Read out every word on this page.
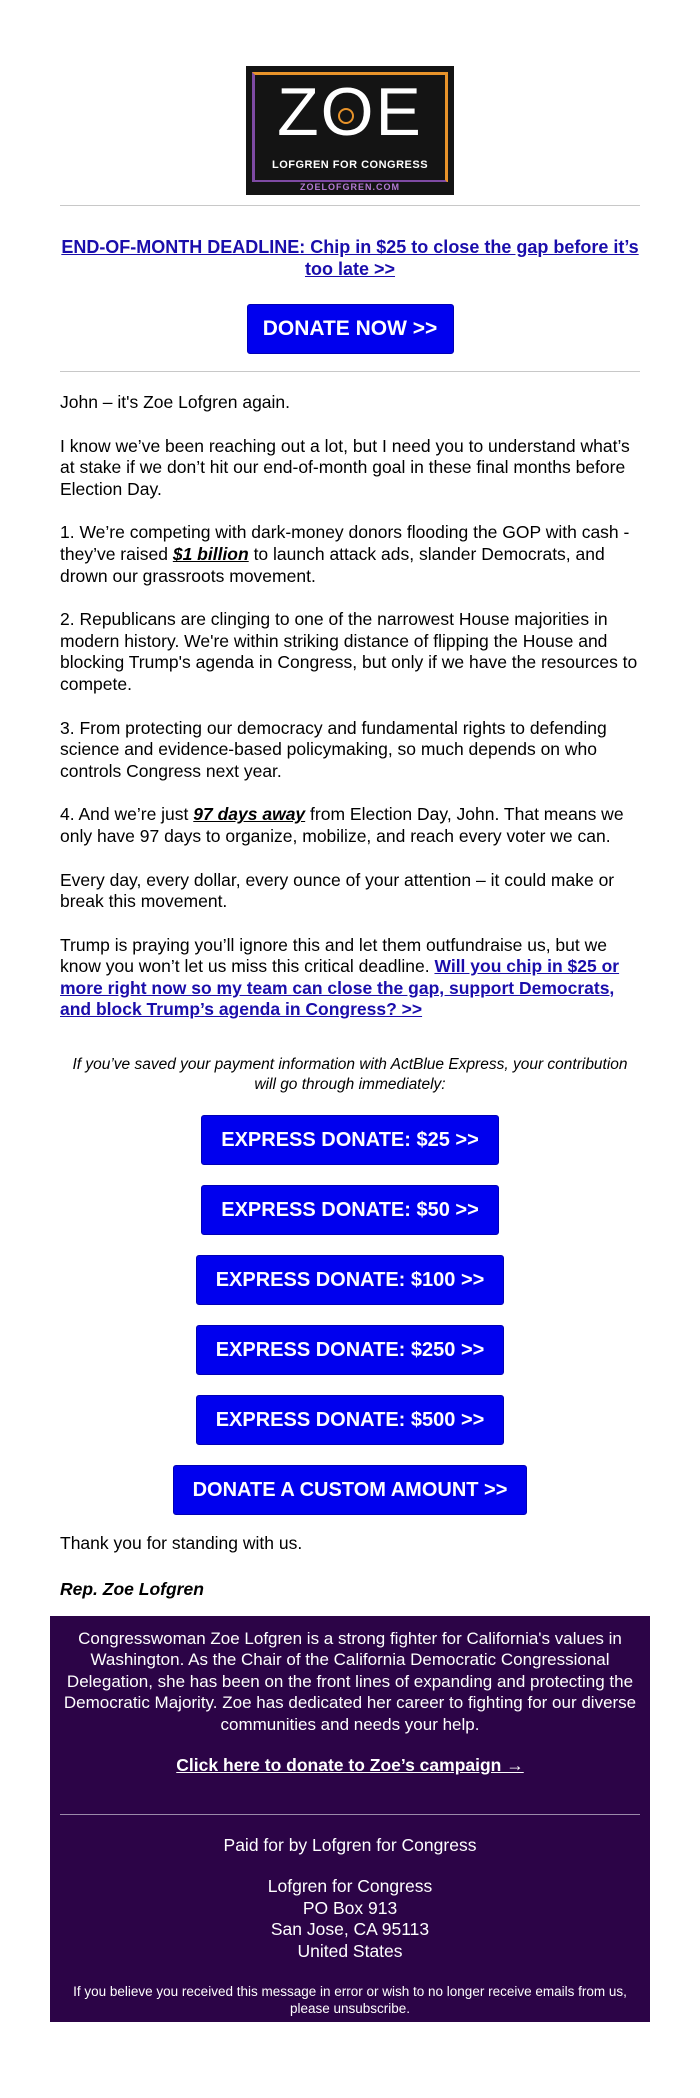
ZOE
LOFGREN FOR CONGRESS
ZOELOFGREN.COM

END-OF-MONTH DEADLINE: Chip in $25 to close the gap before it’s too late >>

DONATE NOW >>

John – it's Zoe Lofgren again.

I know we’ve been reaching out a lot, but I need you to understand what’s at stake if we don’t hit our end-of-month goal in these final months before Election Day.

1. We’re competing with dark-money donors flooding the GOP with cash - they’ve raised $1 billion to launch attack ads, slander Democrats, and drown our grassroots movement.

2. Republicans are clinging to one of the narrowest House majorities in modern history. We're within striking distance of flipping the House and blocking Trump's agenda in Congress, but only if we have the resources to compete.

3. From protecting our democracy and fundamental rights to defending science and evidence-based policymaking, so much depends on who controls Congress next year.

4. And we’re just 97 days away from Election Day, John. That means we only have 97 days to organize, mobilize, and reach every voter we can.

Every day, every dollar, every ounce of your attention – it could make or break this movement.

Trump is praying you’ll ignore this and let them outfundraise us, but we know you won’t let us miss this critical deadline. Will you chip in $25 or more right now so my team can close the gap, support Democrats, and block Trump’s agenda in Congress? >>

If you’ve saved your payment information with ActBlue Express, your contribution will go through immediately:

EXPRESS DONATE: $25 >>
EXPRESS DONATE: $50 >>
EXPRESS DONATE: $100 >>
EXPRESS DONATE: $250 >>
EXPRESS DONATE: $500 >>
DONATE A CUSTOM AMOUNT >>

Thank you for standing with us.

Rep. Zoe Lofgren

Congresswoman Zoe Lofgren is a strong fighter for California's values in Washington. As the Chair of the California Democratic Congressional Delegation, she has been on the front lines of expanding and protecting the Democratic Majority. Zoe has dedicated her career to fighting for our diverse communities and needs your help.

Click here to donate to Zoe’s campaign →
Paid for by Lofgren for Congress
Lofgren for Congress
PO Box 913
San Jose, CA 95113
United States
If you believe you received this message in error or wish to no longer receive emails from us, please unsubscribe.
